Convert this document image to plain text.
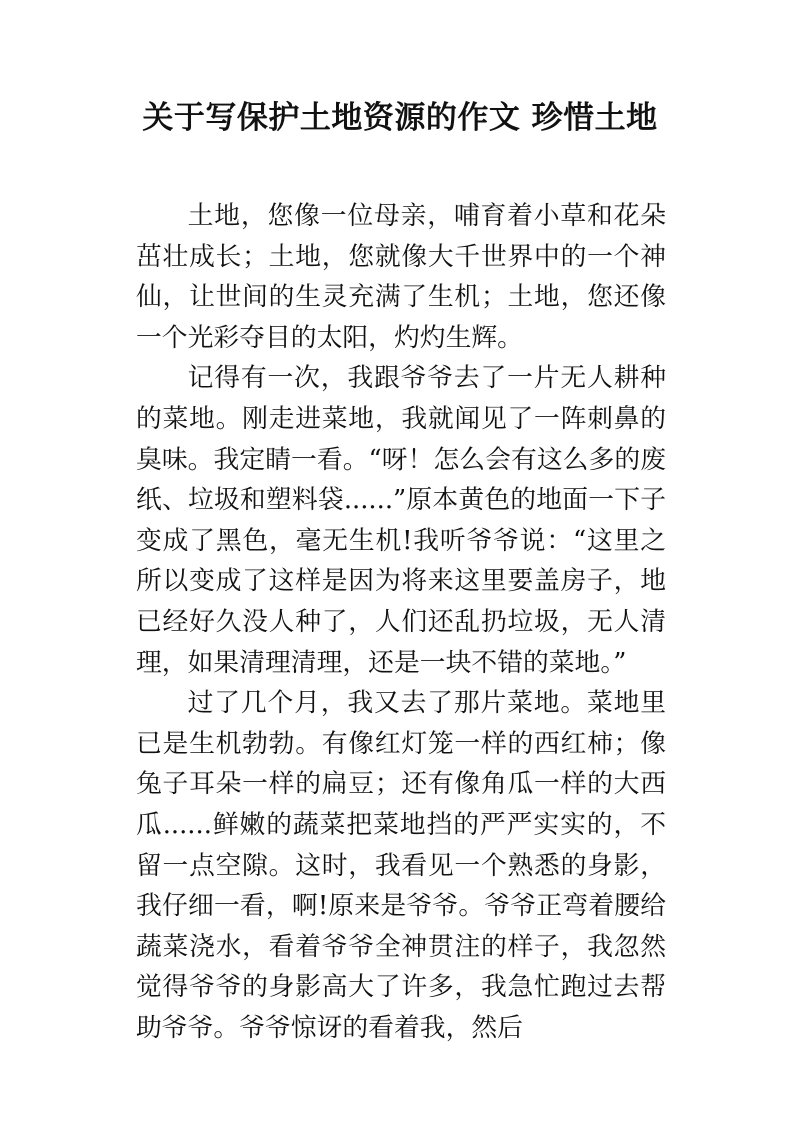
关于写保护土地资源的作文 珍惜土地

土地，您像一位母亲，哺育着小草和花朵茁壮成长；土地，您就像大千世界中的一个神仙，让世间的生灵充满了生机；土地，您还像一个光彩夺目的太阳，灼灼生辉。

记得有一次，我跟爷爷去了一片无人耕种的菜地。刚走进菜地，我就闻见了一阵刺鼻的臭味。我定睛一看。“呀！怎么会有这么多的废纸、垃圾和塑料袋......”原本黄色的地面一下子变成了黑色，毫无生机!我听爷爷说：“这里之所以变成了这样是因为将来这里要盖房子，地已经好久没人种了，人们还乱扔垃圾，无人清理，如果清理清理，还是一块不错的菜地。”

过了几个月，我又去了那片菜地。菜地里已是生机勃勃。有像红灯笼一样的西红柿；像兔子耳朵一样的扁豆；还有像角瓜一样的大西瓜......鲜嫩的蔬菜把菜地挡的严严实实的，不留一点空隙。这时，我看见一个熟悉的身影，我仔细一看，啊!原来是爷爷。爷爷正弯着腰给蔬菜浇水，看着爷爷全神贯注的样子，我忽然觉得爷爷的身影高大了许多，我急忙跑过去帮助爷爷。爷爷惊讶的看着我，然后
